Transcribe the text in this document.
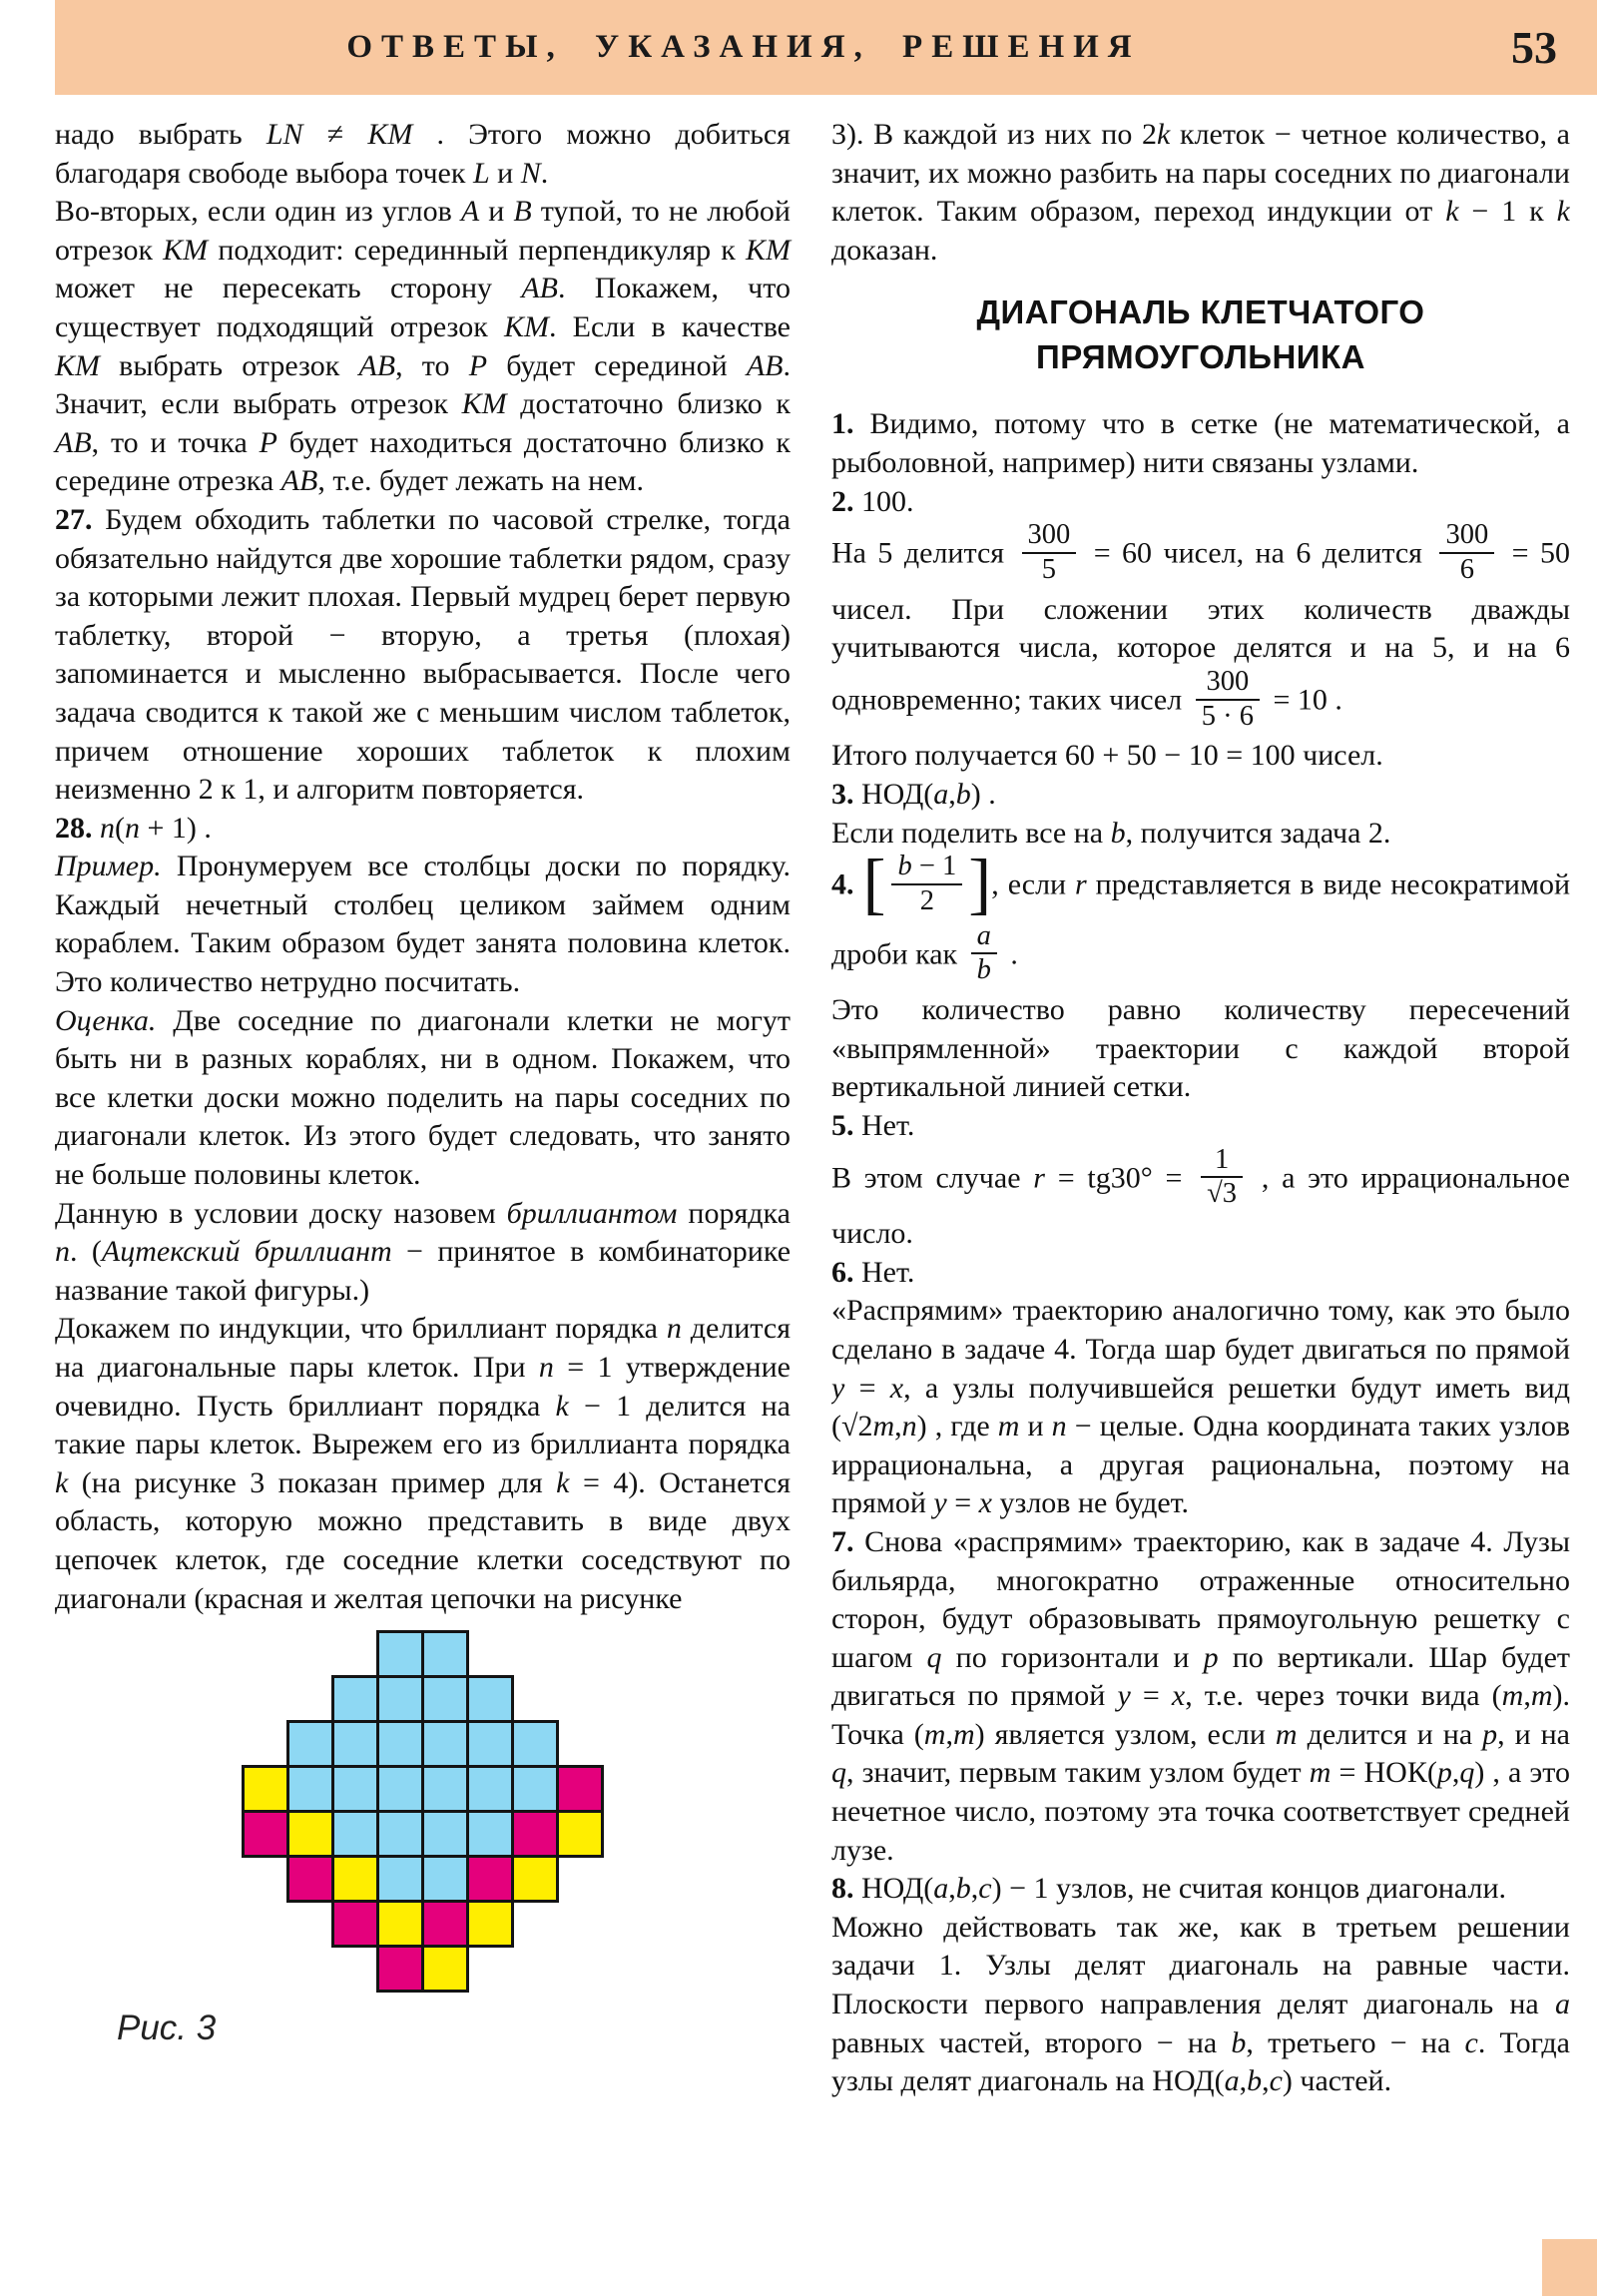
ОТВЕТЫ, УКАЗАНИЯ, РЕШЕНИЯ	53

надо выбрать LN ≠ KM . Этого можно добиться благодаря свободе выбора точек L и N.

Во-вторых, если один из углов A и B тупой, то не любой отрезок KM подходит: серединный перпендикуляр к KM может не пересекать сторону AB. Покажем, что существует подходящий отрезок KM. Если в качестве KM выбрать отрезок AB, то P будет серединой AB. Значит, если выбрать отрезок KM достаточно близко к AB, то и точка P будет находиться достаточно близко к середине отрезка AB, т.е. будет лежать на нем.

27. Будем обходить таблетки по часовой стрелке, тогда обязательно найдутся две хорошие таблетки рядом, сразу за которыми лежит плохая. Первый мудрец берет первую таблетку, второй − вторую, а третья (плохая) запоминается и мысленно выбрасывается. После чего задача сводится к такой же с меньшим числом таблеток, причем отношение хороших таблеток к плохим неизменно 2 к 1, и алгоритм повторяется.

28. n(n + 1) .

Пример. Пронумеруем все столбцы доски по порядку. Каждый нечетный столбец целиком займем одним кораблем. Таким образом будет занята половина клеток. Это количество нетрудно посчитать.

Оценка. Две соседние по диагонали клетки не могут быть ни в разных кораблях, ни в одном. Покажем, что все клетки доски можно поделить на пары соседних по диагонали клеток. Из этого будет следовать, что занято не больше половины клеток.

Данную в условии доску назовем бриллиантом порядка n. (Ацтекский бриллиант − принятое в комбинаторике название такой фигуры.)

Докажем по индукции, что бриллиант порядка n делится на диагональные пары клеток. При n = 1 утверждение очевидно. Пусть бриллиант порядка k − 1 делится на такие пары клеток. Вырежем его из бриллианта порядка k (на рисунке 3 показан пример для k = 4). Останется область, которую можно представить в виде двух цепочек клеток, где соседние клетки соседствуют по диагонали (красная и желтая цепочки на рисунке

Рис. 3

3). В каждой из них по 2k клеток − четное количество, а значит, их можно разбить на пары соседних по диагонали клеток. Таким образом, переход индукции от k − 1 к k доказан.

ДИАГОНАЛЬ КЛЕТЧАТОГО
ПРЯМОУГОЛЬНИКА

1. Видимо, потому что в сетке (не математической, а рыболовной, например) нити связаны узлами.

2. 100.

На 5 делится $\frac{300}{5} = 60$ чисел, на 6 делится $\frac{300}{6} = 50$ чисел. При сложении этих количеств дважды учитываются числа, которое делятся и на 5, и на 6 одновременно; таких чисел $\frac{300}{5 \cdot 6} = 10$ .

Итого получается 60 + 50 − 10 = 100 чисел.

3. НОД(a,b) .

Если поделить все на b, получится задача 2.

4. [ $\frac{b - 1}{2}$ ], если r представляется в виде несократимой дроби как $\frac{a}{b}$ .

Это количество равно количеству пересечений «выпрямленной» траектории с каждой второй вертикальной линией сетки.

5. Нет.

В этом случае $r = tg30^\circ = \frac{1}{√3}$ , а это иррациональное число.

6. Нет.

«Распрямим» траекторию аналогично тому, как это было сделано в задаче 4. Тогда шар будет двигаться по прямой y = x, а узлы получившейся решетки будут иметь вид (√2m,n) , где m и n − целые. Одна координата таких узлов иррациональна, а другая рациональна, поэтому на прямой y = x узлов не будет.

7. Снова «распрямим» траекторию, как в задаче 4. Лузы бильярда, многократно отраженные относительно сторон, будут образовывать прямоугольную решетку с шагом q по горизонтали и p по вертикали. Шар будет двигаться по прямой y = x, т.е. через точки вида (m,m). Точка (m,m) является узлом, если m делится и на p, и на q, значит, первым таким узлом будет m = НОК(p,q) , а это нечетное число, поэтому эта точка соответствует средней лузе.

8. НОД(a,b,c) − 1 узлов, не считая концов диагонали.

Можно действовать так же, как в третьем решении задачи 1. Узлы делят диагональ на равные части. Плоскости первого направления делят диагональ на a равных частей, второго − на b, третьего − на c. Тогда узлы делят диагональ на НОД(a,b,c) частей.
